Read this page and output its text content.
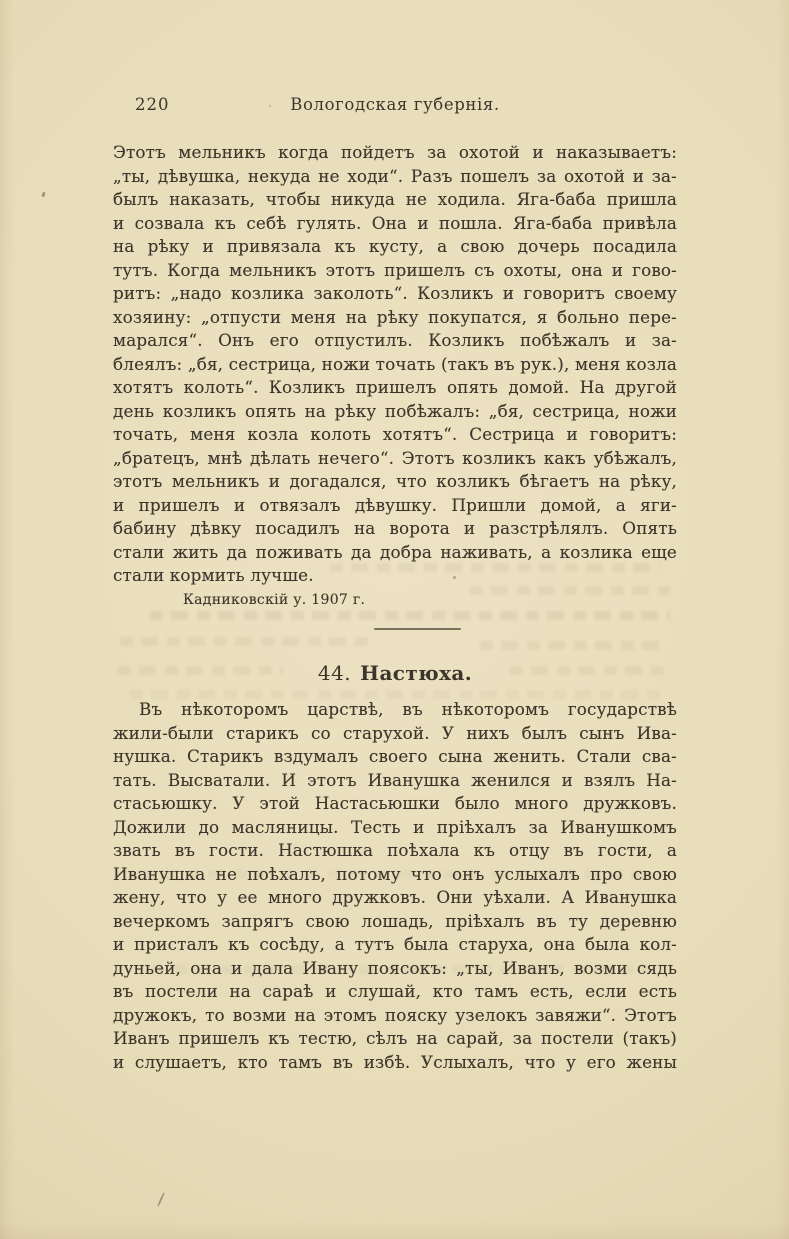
220	Вологодская губернія.
Этотъ мельникъ когда пойдетъ за охотой и наказываетъ:
„ты, дѣвушка, некуда не ходи“. Разъ пошелъ за охотой и за-
былъ наказать, чтобы никуда не ходила. Яга-баба пришла
и созвала къ себѣ гулять. Она и пошла. Яга-баба привѣла
на рѣку и привязала къ кусту, а свою дочерь посадила
тутъ. Когда мельникъ этотъ пришелъ съ охоты, она и гово-
ритъ: „надо козлика заколоть“. Козликъ и говоритъ своему
хозяину: „отпусти меня на рѣку покупатся, я больно пере-
марался“. Онъ его отпустилъ. Козликъ побѣжалъ и за-
блеялъ: „бя, сестрица, ножи точать (такъ въ рук.), меня козла
хотятъ колоть“. Козликъ пришелъ опять домой. На другой
день козликъ опять на рѣку побѣжалъ: „бя, сестрица, ножи
точать, меня козла колоть хотятъ“. Сестрица и говоритъ:
„братецъ, мнѣ дѣлать нечего“. Этотъ козликъ какъ убѣжалъ,
этотъ мельникъ и догадался, что козликъ бѣгаетъ на рѣку,
и пришелъ и отвязалъ дѣвушку. Пришли домой, а яги-
бабину дѣвку посадилъ на ворота и разстрѣлялъ. Опять
стали жить да поживать да добра наживать, а козлика еще
стали кормить лучше.
Кадниковскій у. 1907 г.
44. Настюха.
Въ нѣкоторомъ царствѣ, въ нѣкоторомъ государствѣ
жили-были старикъ со старухой. У нихъ былъ сынъ Ива-
нушка. Старикъ вздумалъ своего сына женить. Стали сва-
тать. Высватали. И этотъ Иванушка женился и взялъ На-
стасьюшку. У этой Настасьюшки было много дружковъ.
Дожили до масляницы. Тесть и пріѣхалъ за Иванушкомъ
звать въ гости. Настюшка поѣхала къ отцу въ гости, а
Иванушка не поѣхалъ, потому что онъ услыхалъ про свою
жену, что у ее много дружковъ. Они уѣхали. А Иванушка
вечеркомъ запрягъ свою лошадь, пріѣхалъ въ ту деревню
и присталъ къ сосѣду, а тутъ была старуха, она была кол-
дуньей, она и дала Ивану поясокъ: „ты, Иванъ, возми сядь
въ постели на сараѣ и слушай, кто тамъ есть, если есть
дружокъ, то возми на этомъ пояску узелокъ завяжи“. Этотъ
Иванъ пришелъ къ тестю, сѣлъ на сарай, за постели (такъ)
и слушаетъ, кто тамъ въ избѣ. Услыхалъ, что у его жены
